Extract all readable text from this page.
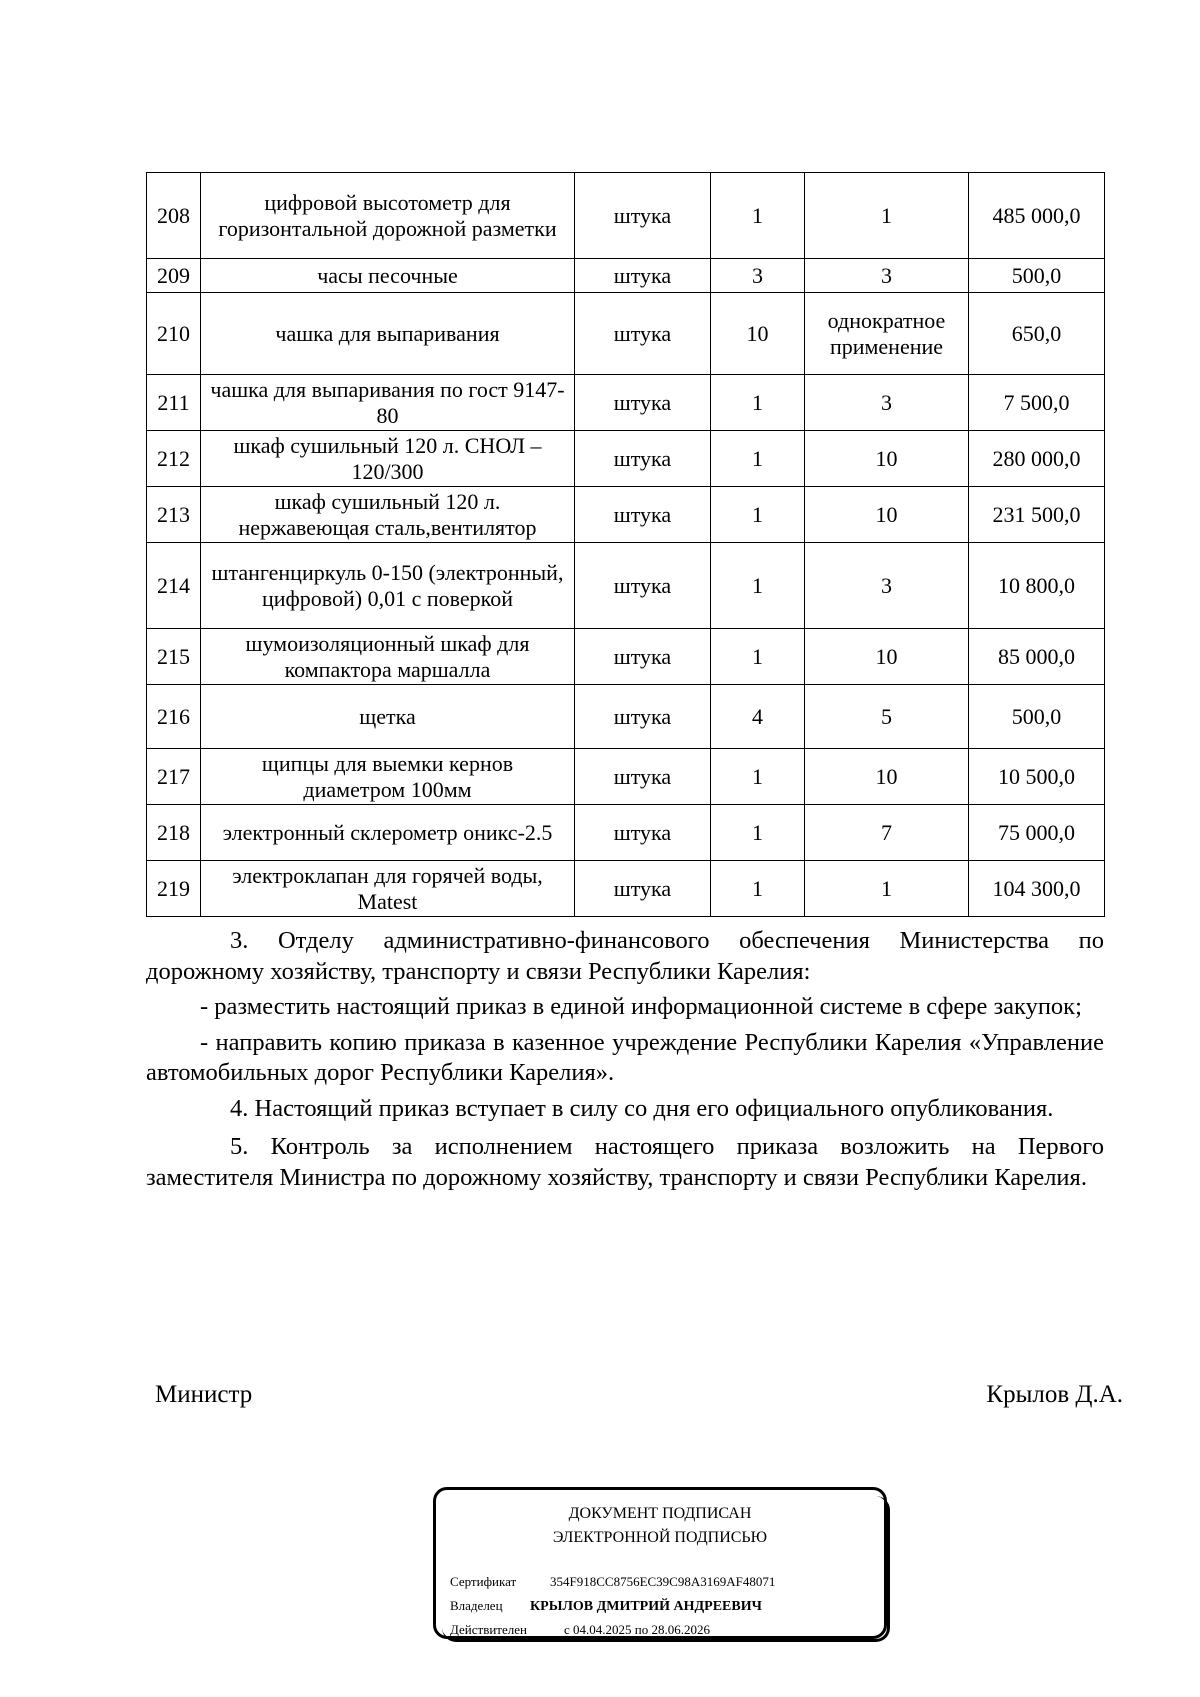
208	цифровой высотометр для горизонтальной дорожной разметки	штука	1	1	485 000,0
209	часы песочные	штука	3	3	500,0
210	чашка для выпаривания	штука	10	однократное применение	650,0
211	чашка для выпаривания по гост 9147-80	штука	1	3	7 500,0
212	шкаф сушильный 120 л. СНОЛ – 120/300	штука	1	10	280 000,0
213	шкаф сушильный 120 л. нержавеющая сталь,вентилятор	штука	1	10	231 500,0
214	штангенциркуль 0-150 (электронный, цифровой) 0,01 с поверкой	штука	1	3	10 800,0
215	шумоизоляционный шкаф для компактора маршалла	штука	1	10	85 000,0
216	щетка	штука	4	5	500,0
217	щипцы для выемки кернов диаметром 100мм	штука	1	10	10 500,0
218	электронный склерометр оникс-2.5	штука	1	7	75 000,0
219	электроклапан для горячей воды, Matest	штука	1	1	104 300,0

3. Отделу административно-финансового обеспечения Министерства по дорожному хозяйству, транспорту и связи Республики Карелия:

- разместить настоящий приказ в единой информационной системе в сфере закупок;

- направить копию приказа в казенное учреждение Республики Карелия «Управление автомобильных дорог Республики Карелия».

4. Настоящий приказ вступает в силу со дня его официального опубликования.

5. Контроль за исполнением настоящего приказа возложить на Первого заместителя Министра по дорожному хозяйству, транспорту и связи Республики Карелия.

Министр	Крылов Д.А.
ДОКУМЕНТ ПОДПИСАН
ЭЛЕКТРОННОЙ ПОДПИСЬЮ
Сертификат	354F918CC8756EC39C98A3169AF48071
Владелец КРЫЛОВ ДМИТРИЙ АНДРЕЕВИЧ
Действителен	с 04.04.2025 по 28.06.2026
